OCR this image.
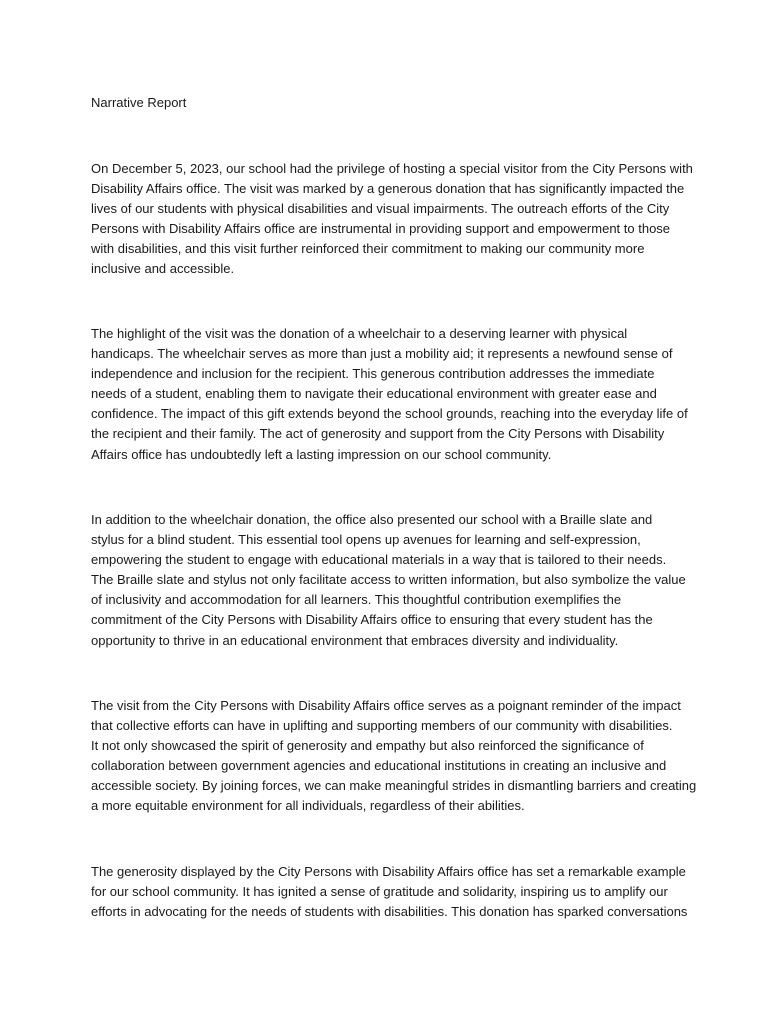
Narrative Report

On December 5, 2023, our school had the privilege of hosting a special visitor from the City Persons with
Disability Affairs office. The visit was marked by a generous donation that has significantly impacted the
lives of our students with physical disabilities and visual impairments. The outreach efforts of the City
Persons with Disability Affairs office are instrumental in providing support and empowerment to those
with disabilities, and this visit further reinforced their commitment to making our community more
inclusive and accessible.

The highlight of the visit was the donation of a wheelchair to a deserving learner with physical
handicaps. The wheelchair serves as more than just a mobility aid; it represents a newfound sense of
independence and inclusion for the recipient. This generous contribution addresses the immediate
needs of a student, enabling them to navigate their educational environment with greater ease and
confidence. The impact of this gift extends beyond the school grounds, reaching into the everyday life of
the recipient and their family. The act of generosity and support from the City Persons with Disability
Affairs office has undoubtedly left a lasting impression on our school community.

In addition to the wheelchair donation, the office also presented our school with a Braille slate and
stylus for a blind student. This essential tool opens up avenues for learning and self-expression,
empowering the student to engage with educational materials in a way that is tailored to their needs.
The Braille slate and stylus not only facilitate access to written information, but also symbolize the value
of inclusivity and accommodation for all learners. This thoughtful contribution exemplifies the
commitment of the City Persons with Disability Affairs office to ensuring that every student has the
opportunity to thrive in an educational environment that embraces diversity and individuality.

The visit from the City Persons with Disability Affairs office serves as a poignant reminder of the impact
that collective efforts can have in uplifting and supporting members of our community with disabilities.
It not only showcased the spirit of generosity and empathy but also reinforced the significance of
collaboration between government agencies and educational institutions in creating an inclusive and
accessible society. By joining forces, we can make meaningful strides in dismantling barriers and creating
a more equitable environment for all individuals, regardless of their abilities.

The generosity displayed by the City Persons with Disability Affairs office has set a remarkable example
for our school community. It has ignited a sense of gratitude and solidarity, inspiring us to amplify our
efforts in advocating for the needs of students with disabilities. This donation has sparked conversations
